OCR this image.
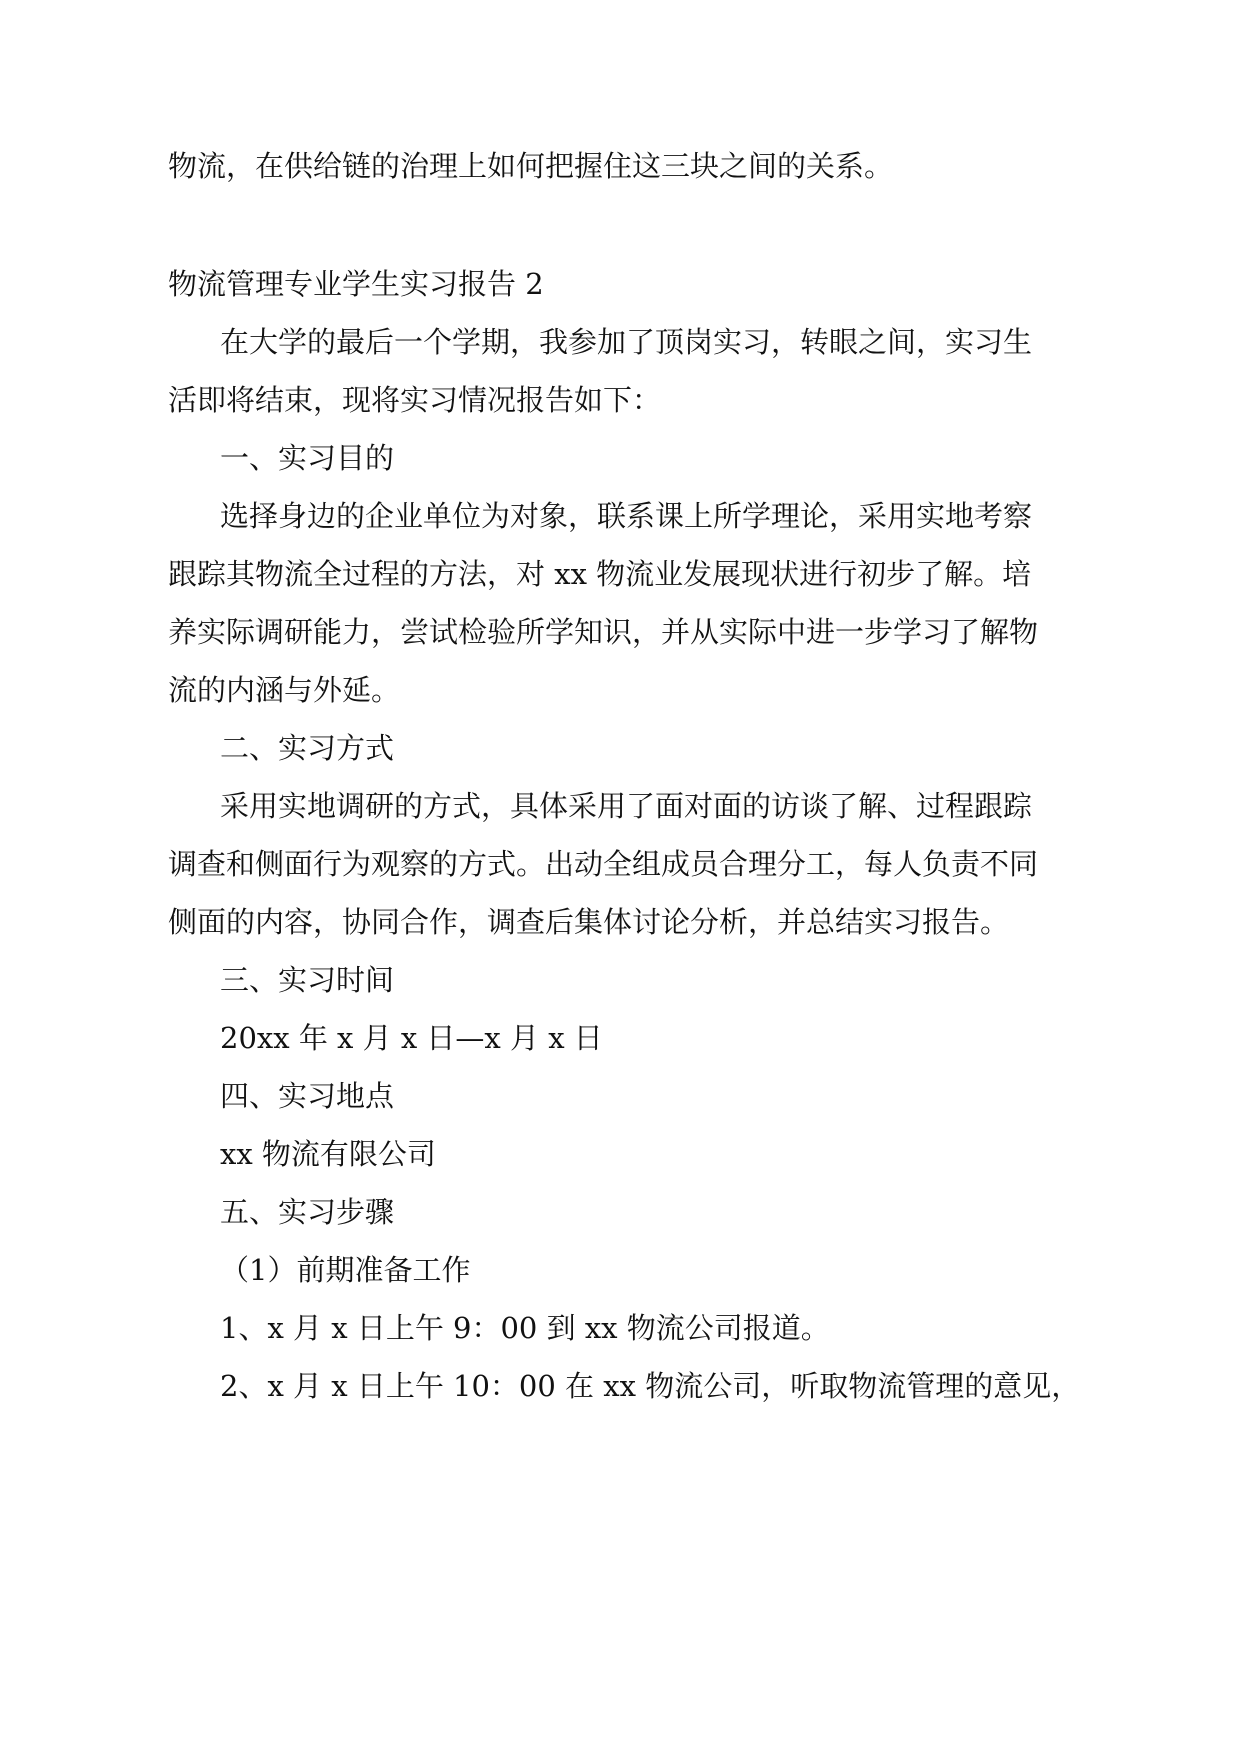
物流，在供给链的治理上如何把握住这三块之间的关系。

物流管理专业学生实习报告 2

在大学的最后一个学期，我参加了顶岗实习，转眼之间，实习生

活即将结束，现将实习情况报告如下：

一、实习目的

选择身边的企业单位为对象，联系课上所学理论，采用实地考察

跟踪其物流全过程的方法，对 xx 物流业发展现状进行初步了解。培

养实际调研能力，尝试检验所学知识，并从实际中进一步学习了解物

流的内涵与外延。

二、实习方式

采用实地调研的方式，具体采用了面对面的访谈了解、过程跟踪

调查和侧面行为观察的方式。出动全组成员合理分工，每人负责不同

侧面的内容，协同合作，调查后集体讨论分析，并总结实习报告。

三、实习时间

20xx 年 x 月 x 日—x 月 x 日

四、实习地点

xx 物流有限公司

五、实习步骤

（1）前期准备工作

1、x 月 x 日上午 9：00 到 xx 物流公司报道。

2、x 月 x 日上午 10：00 在 xx 物流公司，听取物流管理的意见，
